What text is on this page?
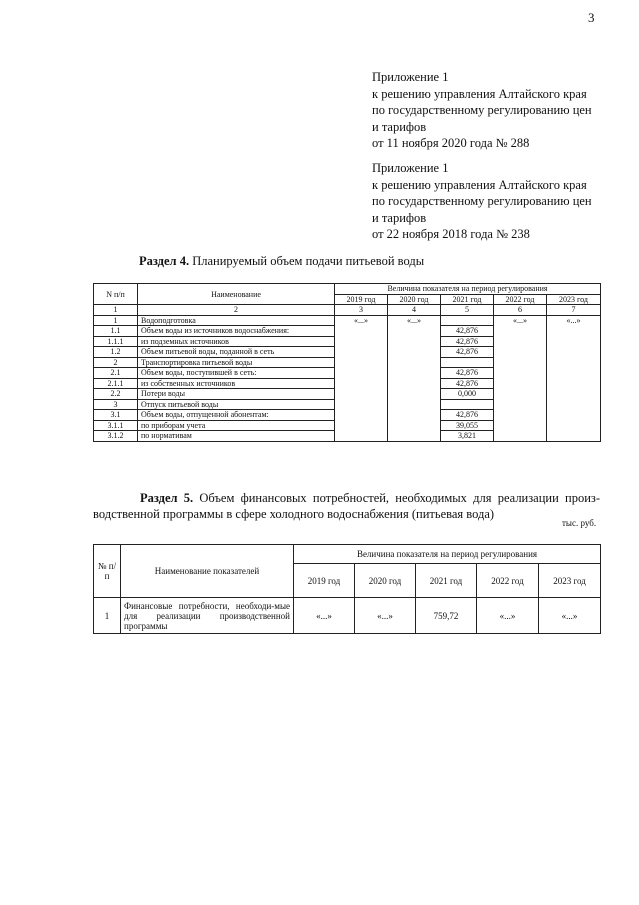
3
Приложение 1
к решению управления Алтайского края
по государственному регулированию цен
и тарифов
от 11 ноября 2020 года № 288
Приложение 1
к решению управления Алтайского края
по государственному регулированию цен
и тарифов
от 22 ноября 2018 года № 238
Раздел 4. Планируемый объем подачи питьевой воды
N п/п	Наименование	Величина показателя на период регулирования				
		2019 год	2020 год	2021 год	2022 год	2023 год
1	2	3	4	5	6	7
1	Водоподготовка	«...»	«...»		«...»	«...»
1.1	Объем воды из источников водоснабжения:			42,876		
1.1.1	из подземных источников			42,876		
1.2	Объем питьевой воды, поданной в сеть			42,876		
2	Транспортировка питьевой воды					
2.1	Объем воды, поступившей в сеть:			42,876		
2.1.1	из собственных источников			42,876		
2.2	Потери воды			0,000		
3	Отпуск питьевой воды					
3.1	Объем воды, отпущенной абонентам:			42,876		
3.1.1	по приборам учета			39,055		
3.1.2	по нормативам			3,821		
Раздел 5. Объем финансовых потребностей, необходимых для реализации произ-
водственной программы в сфере холодного водоснабжения (питьевая вода)
тыс. руб.
№ п/п	Наименование показателей	Величина показателя на период регулирования				
		2019 год	2020 год	2021 год	2022 год	2023 год
1	Финансовые потребности, необходи-мые для реализации производственной программы	«...»	«...»	759,72	«...»	«...»
